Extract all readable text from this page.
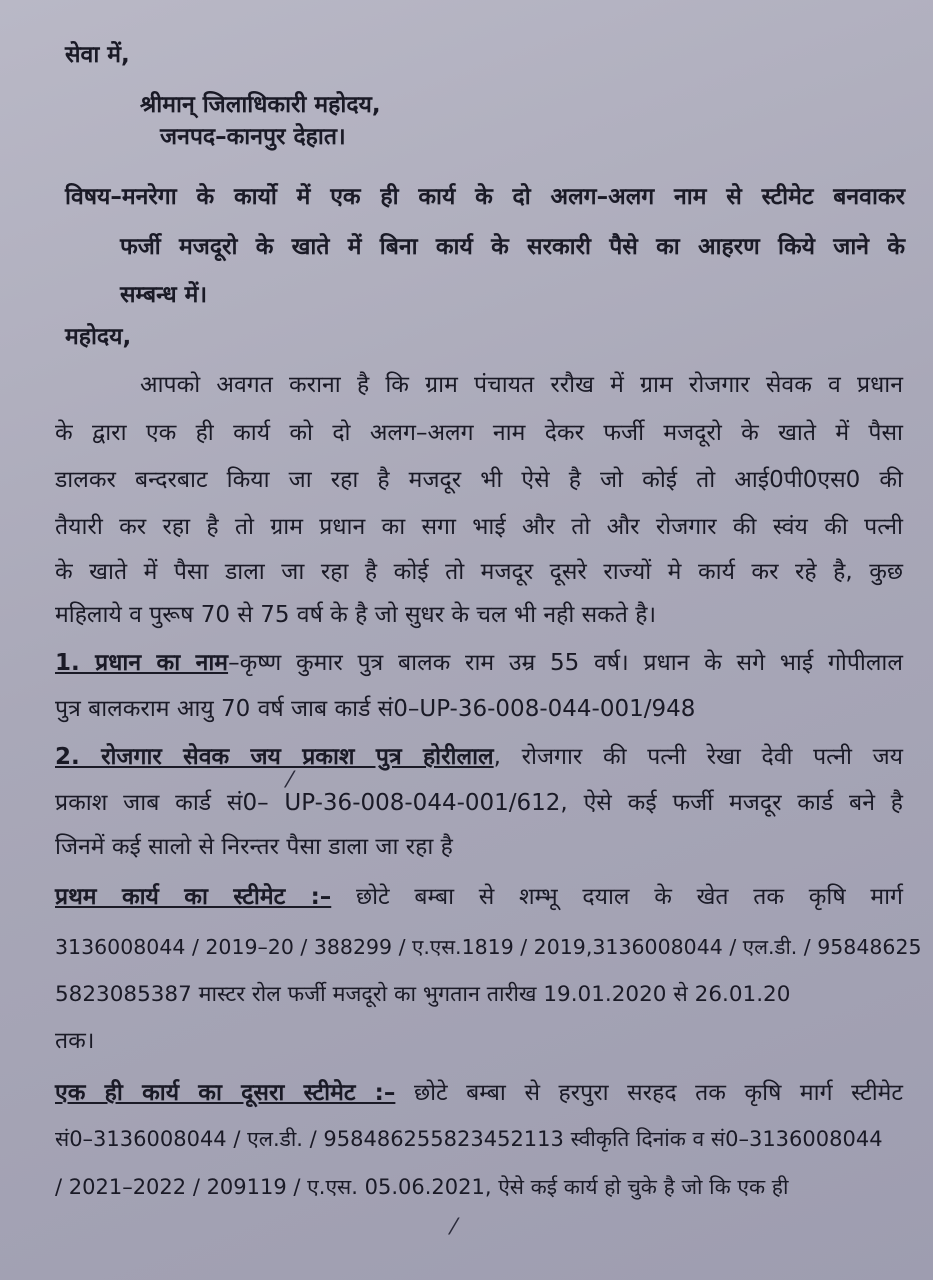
सेवा में,
श्रीमान् जिलाधिकारी महोदय,
जनपद–कानपुर देहात।
विषय–मनरेगा के कार्यो में एक ही कार्य के दो अलग–अलग नाम से स्टीमेट बनवाकर
फर्जी मजदूरो के खाते में बिना कार्य के सरकारी पैसे का आहरण किये जाने के
सम्बन्ध में।
महोदय,
आपको अवगत कराना है कि ग्राम पंचायत ररौख में ग्राम रोजगार सेवक व प्रधान
के द्वारा एक ही कार्य को दो अलग–अलग नाम देकर फर्जी मजदूरो के खाते में पैसा
डालकर बन्दरबाट किया जा रहा है मजदूर भी ऐसे है जो कोई तो आई0पी0एस0 की
तैयारी कर रहा है तो ग्राम प्रधान का सगा भाई और तो और रोजगार की स्वंय की पत्नी
के खाते में पैसा डाला जा रहा है कोई तो मजदूर दूसरे राज्यों मे कार्य कर रहे है, कुछ
महिलाये व पुरूष 70 से 75 वर्ष के है जो सुधर के चल भी नही सकते है।
1. प्रधान का नाम–कृष्ण कुमार पुत्र बालक राम उम्र 55 वर्ष। प्रधान के सगे भाई गोपीलाल
पुत्र बालकराम आयु 70 वर्ष जाब कार्ड सं0–UP-36-008-044-001/948
2. रोजगार सेवक जय प्रकाश पुत्र होरीलाल, रोजगार की पत्नी रेखा देवी पत्नी जय
⁄
प्रकाश जाब कार्ड सं0– UP-36-008-044-001/612, ऐसे कई फर्जी मजदूर कार्ड बने है
जिनमें कई सालो से निरन्तर पैसा डाला जा रहा है
प्रथम कार्य का स्टीमेट :– छोटे बम्बा से शम्भू दयाल के खेत तक कृषि मार्ग
3136008044 / 2019–20 / 388299 / ए.एस.1819 / 2019,3136008044 / एल.डी. / 95848625
5823085387 मास्टर रोल फर्जी मजदूरो का भुगतान तारीख 19.01.2020 से 26.01.20
तक।
एक ही कार्य का दूसरा स्टीमेट :– छोटे बम्बा से हरपुरा सरहद तक कृषि मार्ग स्टीमेट
सं0–3136008044 / एल.डी. / 958486255823452113 स्वीकृति दिनांक व सं0–3136008044
/ 2021–2022 / 209119 / ए.एस. 05.06.2021, ऐसे कई कार्य हो चुके है जो कि एक ही
⁄
